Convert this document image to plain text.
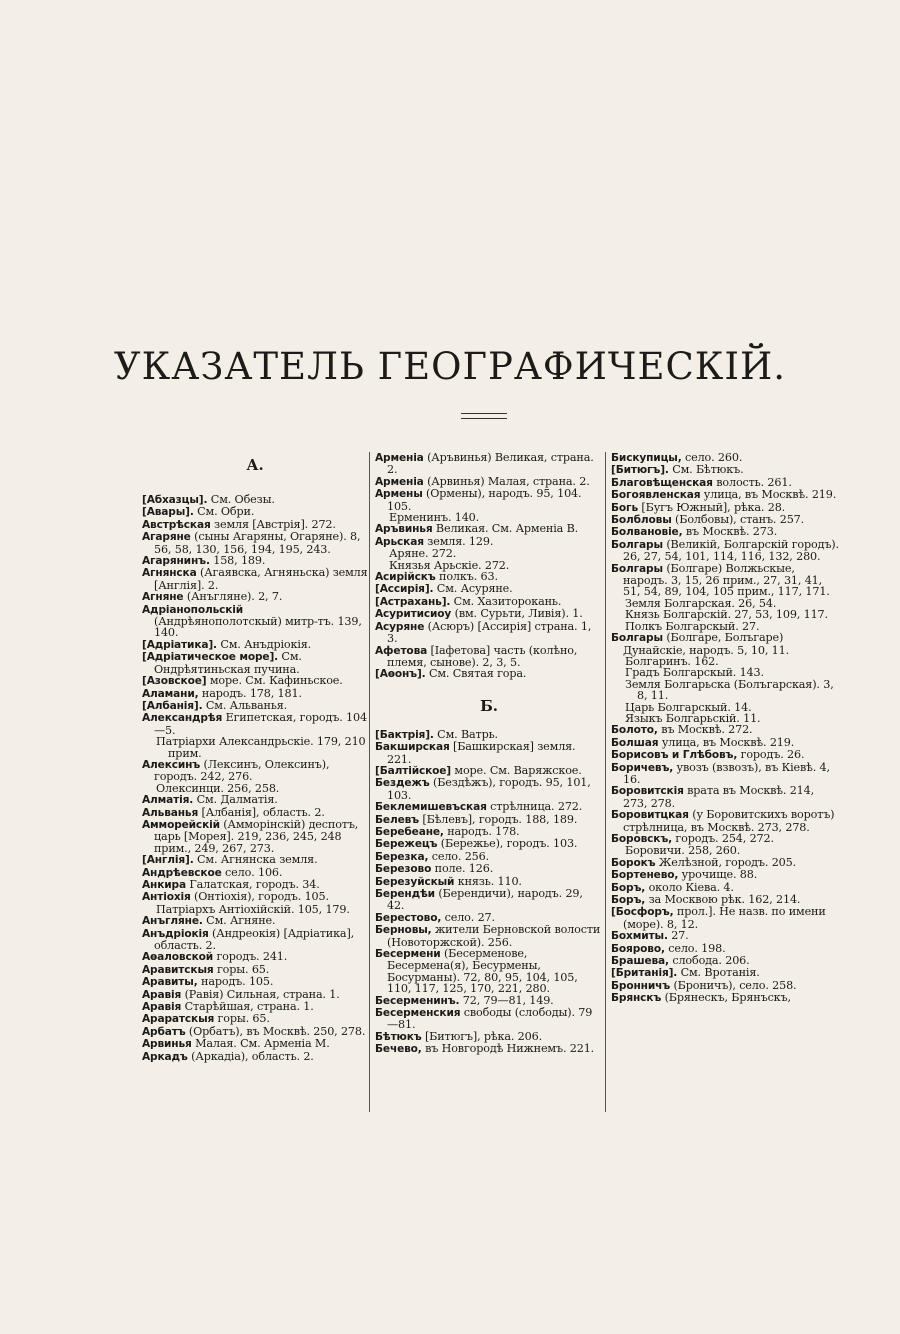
УКАЗАТЕЛЬ ГЕОГРАФИЧЕСКІЙ.
А.
[Абхазцы]. См. Обезы.
[Авары]. См. Обри.
Австрѣская земля [Австрія]. 272.
Агаряне (сыны Агаряны, Огаряне). 8, 56, 58, 130, 156, 194, 195, 243.
Агарянинъ. 158, 189.
Агнянска (Агаявска, Агняньска) земля [Англія]. 2.
Агняне (Анъгляне). 2, 7.
Адріанопольскій (Андрѣянополотскый) митр-тъ. 139, 140.
[Адріатика]. См. Анъдріокія.
[Адріатическое море]. См. Ондрѣятиньская пучина.
[Азовское] море. См. Кафиньское.
Аламани, народъ. 178, 181.
[Албанія]. См. Альванья.
Александрѣя Египетская, городъ. 104—5.
Патріархи Александрьскіе. 179, 210 прим.
Алексинъ (Лексинъ, Олексинъ), городъ. 242, 276.
Олексинци. 256, 258.
Алматія. См. Далматія.
Альванья [Албанія], область. 2.
Амморейскій (Амморінскій) деспотъ, царь [Морея]. 219, 236, 245, 248 прим., 249, 267, 273.
[Англія]. См. Агнянска земля.
Андрѣевское село. 106.
Анкира Галатская, городъ. 34.
Антіохія (Онтіохія), городъ. 105.
Патріархъ Антіохійскій. 105, 179.
Анъгляне. См. Агняне.
Анъдріокія (Андреокія) [Адріатика], область. 2.
Аѳаловской городъ. 241.
Аравитскыя горы. 65.
Аравиты, народъ. 105.
Аравія (Равія) Сильная, страна. 1.
Аравія Старѣйшая, страна. 1.
Араратскыя горы. 65.
Арбатъ (Орбатъ), въ Москвѣ. 250, 278.
Арвинья Малая. См. Арменіа М.
Аркадъ (Аркадіа), область. 2.
Арменіа (Аръвинья) Великая, страна. 2.
Арменіа (Арвинья) Малая, страна. 2.
Армены (Ормены), народъ. 95, 104. 105.
Ерменинъ. 140.
Аръвинья Великая. См. Арменіа В.
Арьская земля. 129.
Аряне. 272.
Князья Арьскіе. 272.
Асирійскъ полкъ. 63.
[Ассирія]. См. Асуряне.
[Астрахань]. См. Хазиторокань.
Асуритисиоу (вм. Сурьти, Ливія). 1.
Асуряне (Асюръ) [Ассирія] страна. 1, 3.
Афетова [Іафетова] часть (колѣно, племя, сынове). 2, 3, 5.
[Аѳонъ]. См. Святая гора.
Б.
[Бактрія]. См. Ватрь.
Бакширская [Башкирская] земля. 221.
[Балтійское] море. См. Варяжское.
Бездежъ (Бездѣжъ), городъ. 95, 101, 103.
Беклемишевъская стрѣлница. 272.
Белевъ [Бѣлевъ], городъ. 188, 189.
Беребеане, народъ. 178.
Бережецъ (Бережье), городъ. 103.
Березка, село. 256.
Березово поле. 126.
Березуйскый князь. 110.
Берендѣи (Берендичи), народъ. 29, 42.
Берестово, село. 27.
Берновы, жители Берновской волости (Новоторжской). 256.
Бесермени (Бесерменове, Бесермена(я), Бесурмены, Босурманы). 72, 80, 95, 104, 105, 110, 117, 125, 170, 221, 280.
Бесерменинъ. 72, 79—81, 149.
Бесерменския свободы (слободы). 79—81.
Бѣтюкъ [Битюгъ], рѣка. 206.
Бечево, въ Новгородѣ Нижнемъ. 221.
Бискупицы, село. 260.
[Битюгъ]. См. Бѣтюкъ.
Благовѣщенская волость. 261.
Богоявленская улица, въ Москвѣ. 219.
Богь [Бугъ Южный], рѣка. 28.
Болбловы (Болбовы), станъ. 257.
Болвановіе, въ Москвѣ. 273.
Болгары (Великій, Болгарскій городъ). 26, 27, 54, 101, 114, 116, 132, 280.
Болгары (Болгаре) Волжьскые, народъ. 3, 15, 26 прим., 27, 31, 41, 51, 54, 89, 104, 105 прим., 117, 171.
Земля Болгарская. 26, 54.
Князь Болгарскій. 27, 53, 109, 117.
Полкъ Болгарскый. 27.
Болгары (Болгаре, Болъгаре) Дунайскіе, народъ. 5, 10, 11.
Болгаринъ. 162.
Градъ Болгарскый. 143.
Земля Болгарьска (Болъгарская). 3, 8, 11.
Царь Болгарскый. 14.
Языкъ Болгарьскій. 11.
Болото, въ Москвѣ. 272.
Болшая улица, въ Москвѣ. 219.
Борисовъ и Глѣбовъ, городъ. 26.
Боричевъ, увозъ (взвозъ), въ Кіевѣ. 4, 16.
Боровитскія врата въ Москвѣ. 214, 273, 278.
Боровитцкая (у Боровитскихъ воротъ) стрѣлница, въ Москвѣ. 273, 278.
Боровскъ, городъ. 254, 272.
Боровичи. 258, 260.
Борокъ Желѣзной, городъ. 205.
Бортенево, урочище. 88.
Боръ, около Кіева. 4.
Боръ, за Москвою рѣк. 162, 214.
[Босфоръ, прол.]. Не назв. по имени (море). 8, 12.
Бохмиты. 27.
Боярово, село. 198.
Брашева, слобода. 206.
[Британія]. См. Вротанія.
Бронничъ (Броничъ), село. 258.
Брянскъ (Брянескъ, Брянъскъ,
